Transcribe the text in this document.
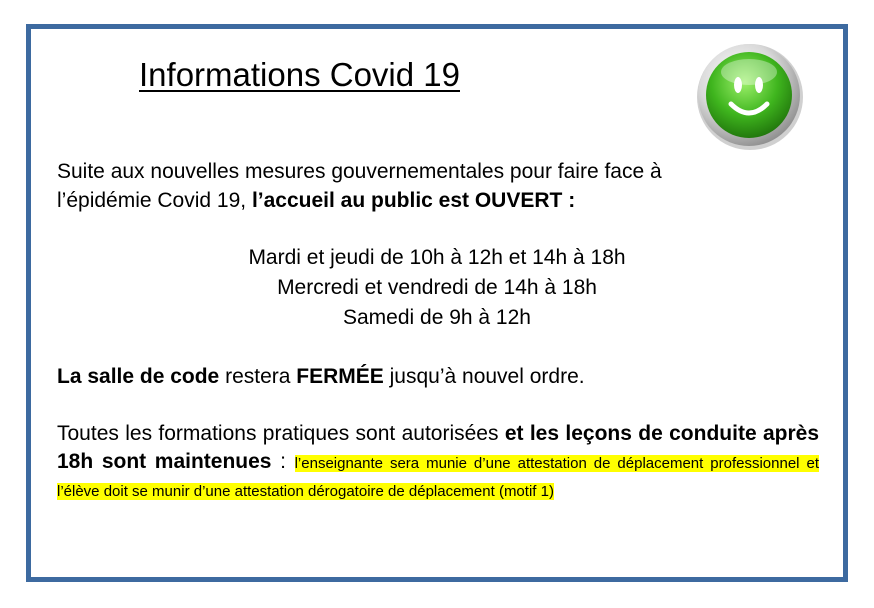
Informations Covid 19

Suite aux nouvelles mesures gouvernementales pour faire face à
l’épidémie Covid 19, l’accueil au public est OUVERT :

Mardi et jeudi de 10h à 12h et 14h à 18h
Mercredi et vendredi de 14h à 18h
Samedi de 9h à 12h

La salle de code restera FERMÉE jusqu’à nouvel ordre.

Toutes les formations pratiques sont autorisées et les leçons de conduite après 18h sont maintenues : l’enseignante sera munie d’une attestation de déplacement professionnel et l’élève doit se munir d’une attestation dérogatoire de déplacement (motif 1)
